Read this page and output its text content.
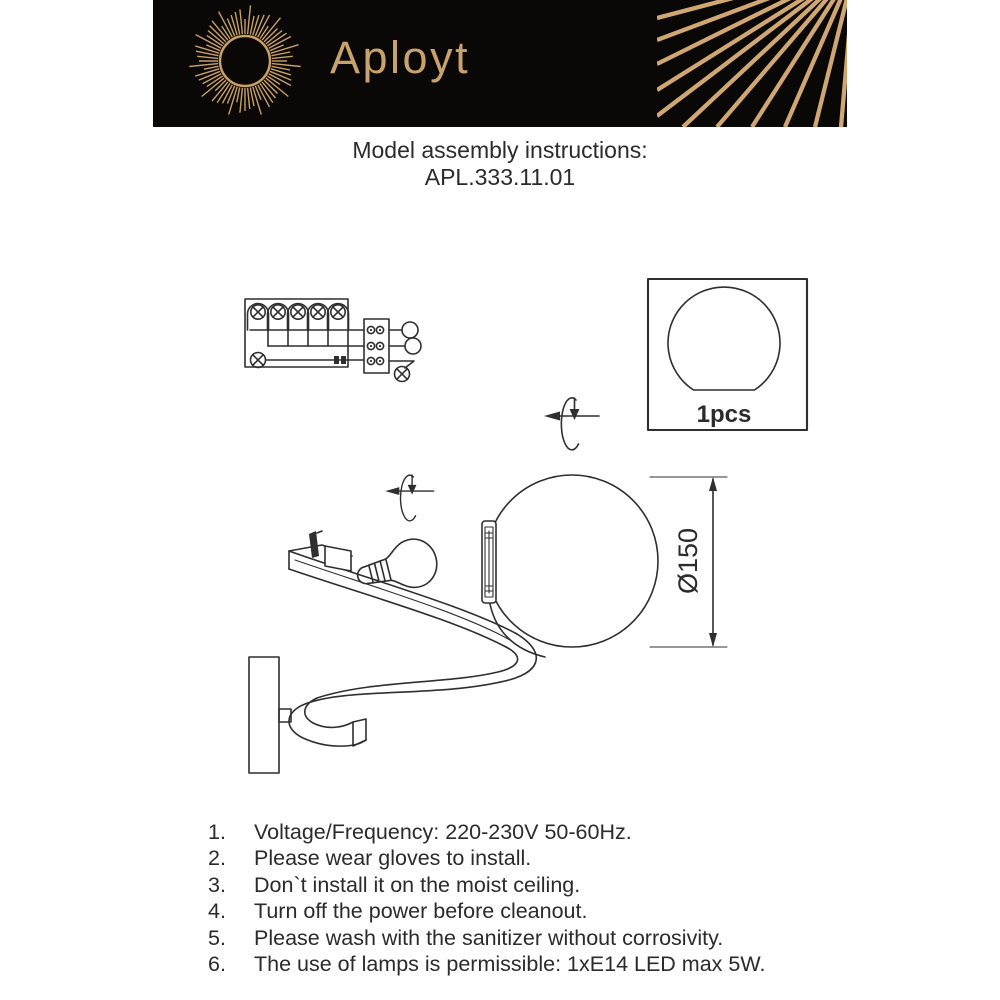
Aployt
Model assembly instructions:
APL.333.11.01
1pcs
Ø150
1.	Voltage/Frequency: 220-230V 50-60Hz.
2.	Please wear gloves to install.
3.	Don`t install it on the moist ceiling.
4.	Turn off the power before cleanout.
5.	Please wash with the sanitizer without corrosivity.
6.	The use of lamps is permissible: 1xE14 LED max 5W.
